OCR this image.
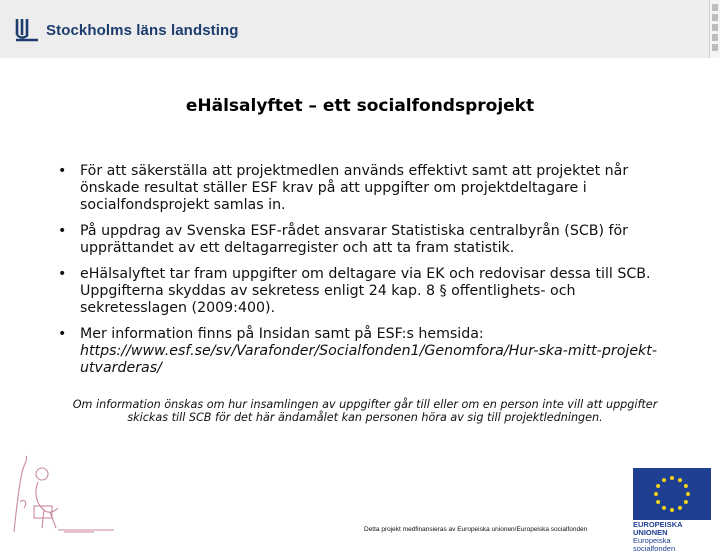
Stockholms läns landsting
eHälsalyftet – ett socialfondsprojekt
• För att säkerställa att projektmedlen används effektivt samt att projektet når önskade resultat ställer ESF krav på att uppgifter om projektdeltagare i socialfondsprojekt samlas in.
• På uppdrag av Svenska ESF-rådet ansvarar Statistiska centralbyrån (SCB) för upprättandet av ett deltagarregister och att ta fram statistik.
• eHälsalyftet tar fram uppgifter om deltagare via EK och redovisar dessa till SCB. Uppgifterna skyddas av sekretess enligt 24 kap. 8 § offentlighets- och sekretesslagen (2009:400).
• Mer information finns på Insidan samt på ESF:s hemsida:
https://www.esf.se/sv/Varafonder/Socialfonden1/Genomfora/Hur-ska-mitt-projekt-utvarderas/
Om information önskas om hur insamlingen av uppgifter går till eller om en person inte vill att uppgifter skickas till SCB för det här ändamålet kan personen höra av sig till projektledningen.
Detta projekt medfinansieras av Europeiska unionen/Europeiska socialfonden
EUROPEISKA UNIONEN
Europeiska socialfonden
